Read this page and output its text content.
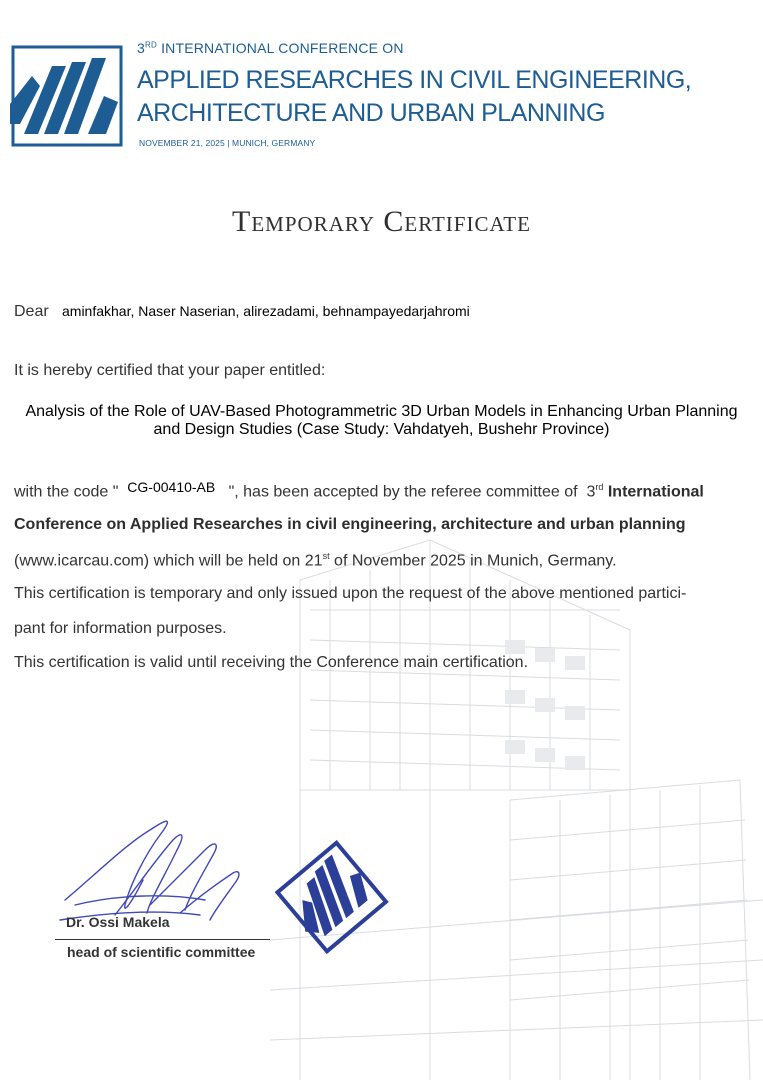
3RD INTERNATIONAL CONFERENCE ON
APPLIED RESEARCHES IN CIVIL ENGINEERING,
ARCHITECTURE AND URBAN PLANNING
NOVEMBER 21, 2025 | MUNICH, GERMANY
Temporary Certificate
Dear aminfakhar, Naser Naserian, alirezadami, behnampayedarjahromi
It is hereby certified that your paper entitled:
Analysis of the Role of UAV-Based Photogrammetric 3D Urban Models in Enhancing Urban Planning and Design Studies (Case Study: Vahdatyeh, Bushehr Province)
with the code " CG-00410-AB ", has been accepted by the referee committee of 3rd International
Conference on Applied Researches in civil engineering, architecture and urban planning
(www.icarcau.com) which will be held on 21st of November 2025 in Munich, Germany.
This certification is temporary and only issued upon the request of the above mentioned partici-
pant for information purposes.
This certification is valid until receiving the Conference main certification.
Dr. Ossi Makela
head of scientific committee
